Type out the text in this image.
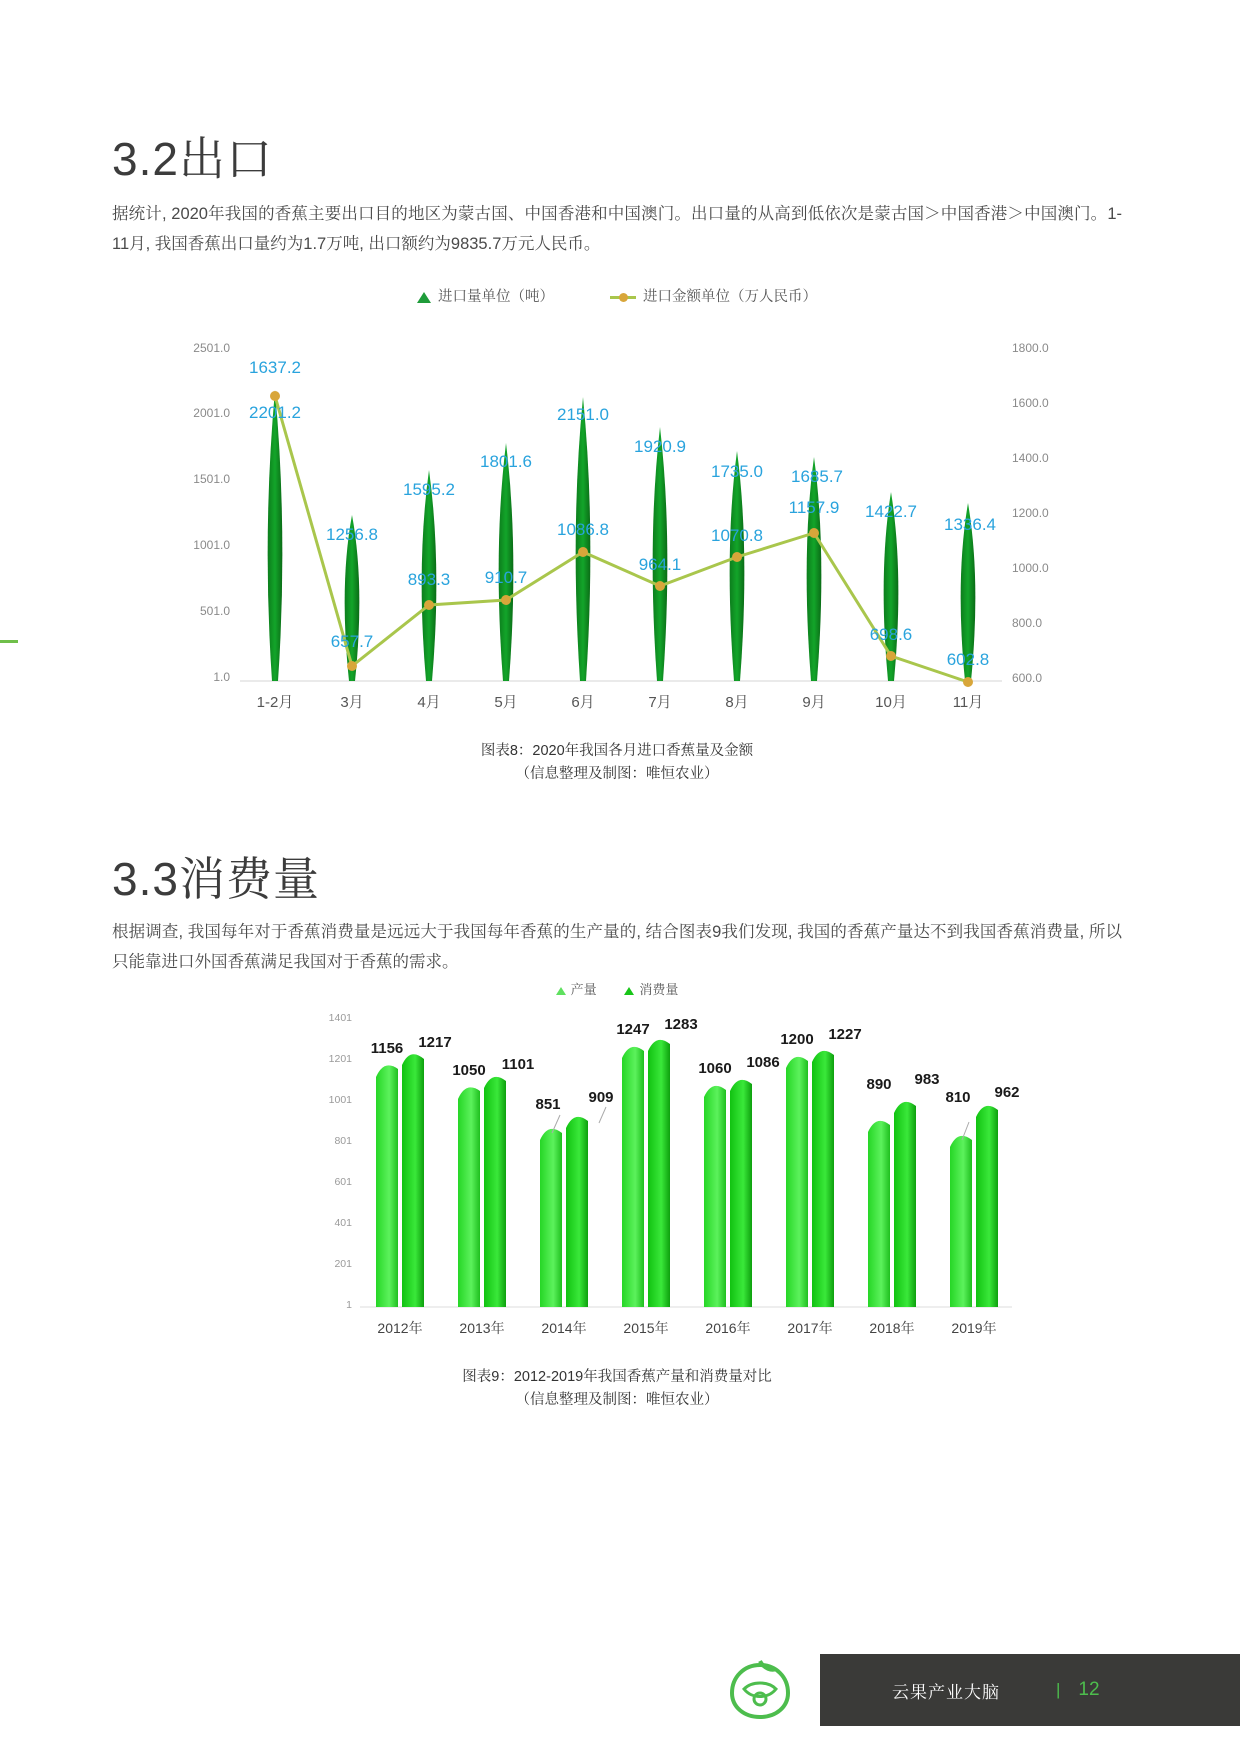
3.2出口

据统计, 2020年我国的香蕉主要出口目的地区为蒙古国、中国香港和中国澳门。出口量的从高到低依次是蒙古国＞中国香港＞中国澳门。1-11月, 我国香蕉出口量约为1.7万吨, 出口额约为9835.7万元人民币。

进口量单位（吨）	进口金额单位（万人民币）
2501.0
2001.0
1501.0
1001.0
501.0
1.0
1800.0
1600.0
1400.0
1200.0
1000.0
800.0
600.0
2201.2
1256.8
1595.2
1801.6
2151.0
1920.9
1735.0 1685.7
1422.7
1336.4
1637.2
657.7
893.3 910.7
1086.8
964.1
1070.8
1157.9
698.6
602.8
1-2月	3月	4月	5月	6月	7月	8月	9月	10月	11月
图表8：2020年我国各月进口香蕉量及金额
（信息整理及制图：唯恒农业）
3.3消费量

根据调查, 我国每年对于香蕉消费量是远远大于我国每年香蕉的生产量的, 结合图表9我们发现, 我国的香蕉产量达不到我国香蕉消费量, 所以只能靠进口外国香蕉满足我国对于香蕉的需求。

产量	消费量
1401
1201
1001
801
601
401
201
1
1156 1217
1050 1101
851 909
1247 1283
1060 1086
1200 1227
890 983
810 962
2012年	2013年	2014年	2015年	2016年	2017年	2018年	2019年
图表9：2012-2019年我国香蕉产量和消费量对比
（信息整理及制图：唯恒农业）
云果产业大脑	| 12
